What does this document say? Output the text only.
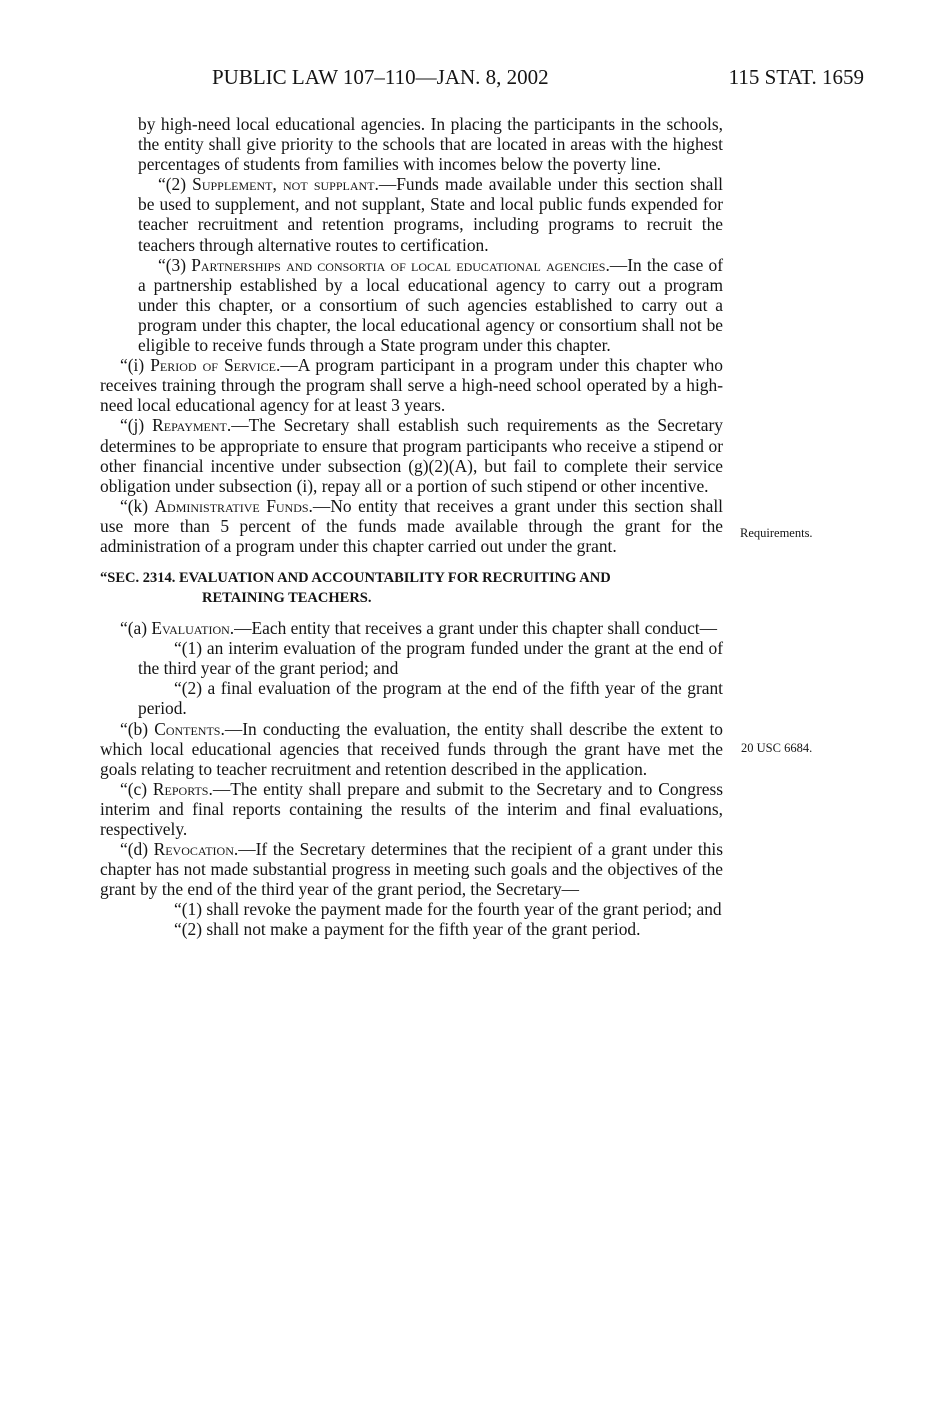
PUBLIC LAW 107–110—JAN. 8, 2002	115 STAT. 1659
Requirements.
20 USC 6684.

by high-need local educational agencies. In placing the participants in the schools, the entity shall give priority to the schools that are located in areas with the highest percentages of students from families with incomes below the poverty line.

“(2) Supplement, not supplant.—Funds made available under this section shall be used to supplement, and not supplant, State and local public funds expended for teacher recruitment and retention programs, including programs to recruit the teachers through alternative routes to certification.

“(3) Partnerships and consortia of local educational agencies.—In the case of a partnership established by a local educational agency to carry out a program under this chapter, or a consortium of such agencies established to carry out a program under this chapter, the local educational agency or consortium shall not be eligible to receive funds through a State program under this chapter.

“(i) Period of Service.—A program participant in a program under this chapter who receives training through the program shall serve a high-need school operated by a high-need local educational agency for at least 3 years.

“(j) Repayment.—The Secretary shall establish such requirements as the Secretary determines to be appropriate to ensure that program participants who receive a stipend or other financial incentive under subsection (g)(2)(A), but fail to complete their service obligation under subsection (i), repay all or a portion of such stipend or other incentive.

“(k) Administrative Funds.—No entity that receives a grant under this section shall use more than 5 percent of the funds made available through the grant for the administration of a program under this chapter carried out under the grant.

“SEC. 2314. EVALUATION AND ACCOUNTABILITY FOR RECRUITING AND
RETAINING TEACHERS.

“(a) Evaluation.—Each entity that receives a grant under this chapter shall conduct—

“(1) an interim evaluation of the program funded under the grant at the end of the third year of the grant period; and

“(2) a final evaluation of the program at the end of the fifth year of the grant period.

“(b) Contents.—In conducting the evaluation, the entity shall describe the extent to which local educational agencies that received funds through the grant have met the goals relating to teacher recruitment and retention described in the application.

“(c) Reports.—The entity shall prepare and submit to the Secretary and to Congress interim and final reports containing the results of the interim and final evaluations, respectively.

“(d) Revocation.—If the Secretary determines that the recipient of a grant under this chapter has not made substantial progress in meeting such goals and the objectives of the grant by the end of the third year of the grant period, the Secretary—

“(1) shall revoke the payment made for the fourth year of the grant period; and

“(2) shall not make a payment for the fifth year of the grant period.
